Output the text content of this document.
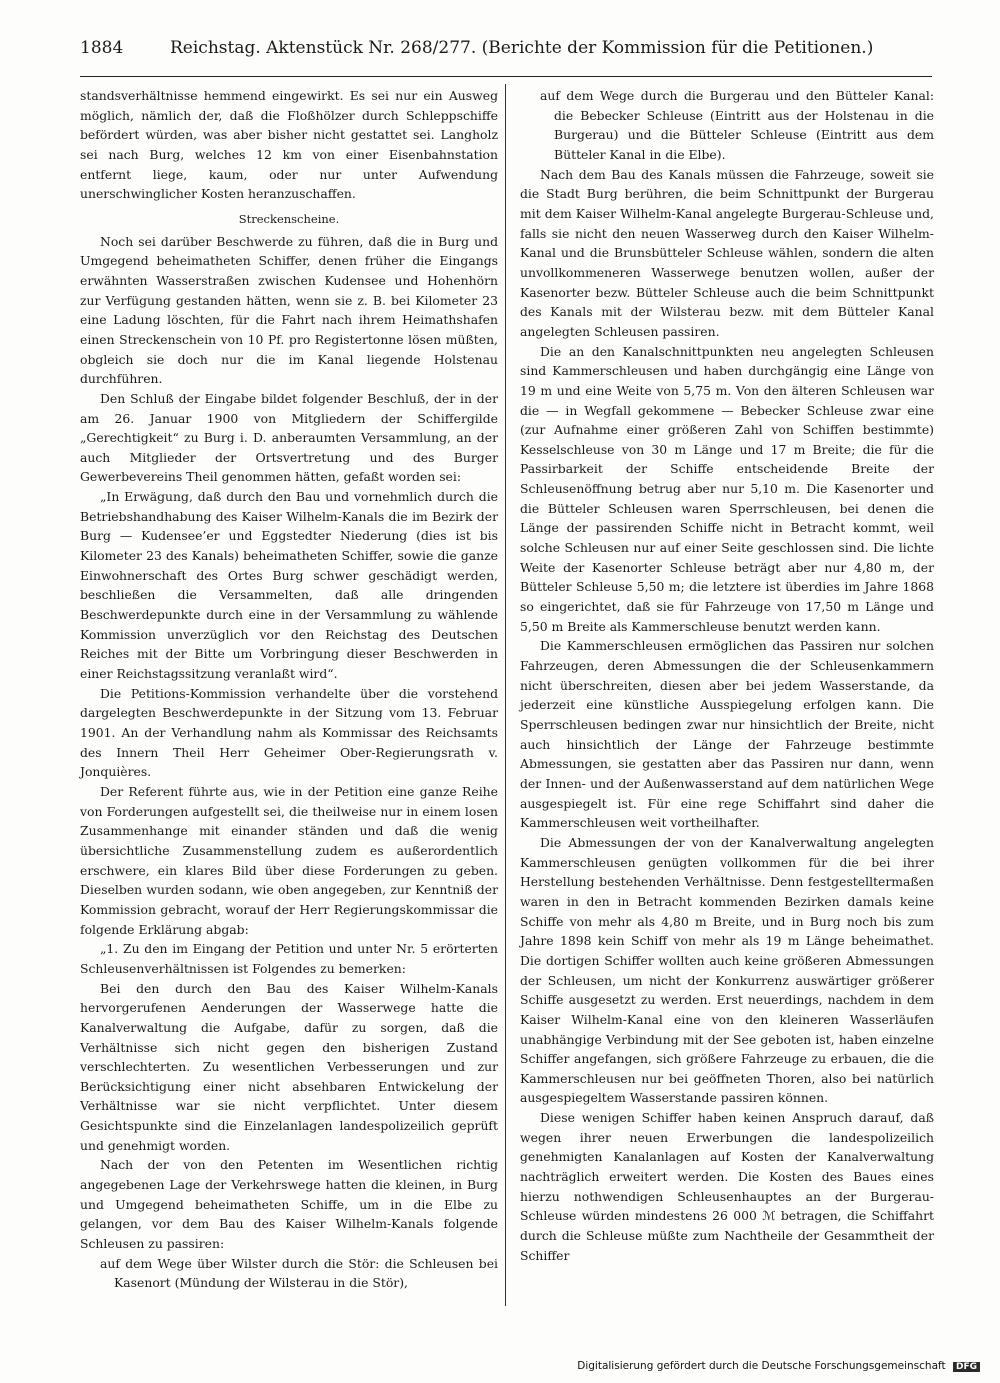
1884	Reichstag. Aktenstück Nr. 268/277. (Berichte der Kommission für die Petitionen.)

standsverhältnisse hemmend eingewirkt. Es sei nur ein Ausweg möglich, nämlich der, daß die Floßhölzer durch Schleppschiffe befördert würden, was aber bisher nicht gestattet sei. Langholz sei nach Burg, welches 12 km von einer Eisenbahnstation entfernt liege, kaum, oder nur unter Aufwendung unerschwinglicher Kosten heranzuschaffen.

Streckenscheine.

Noch sei darüber Beschwerde zu führen, daß die in Burg und Umgegend beheimatheten Schiffer, denen früher die Eingangs erwähnten Wasserstraßen zwischen Kudensee und Hohenhörn zur Verfügung gestanden hätten, wenn sie z. B. bei Kilometer 23 eine Ladung löschten, für die Fahrt nach ihrem Heimathshafen einen Streckenschein von 10 Pf. pro Registertonne lösen müßten, obgleich sie doch nur die im Kanal liegende Holstenau durchführen.

Den Schluß der Eingabe bildet folgender Beschluß, der in der am 26. Januar 1900 von Mitgliedern der Schiffergilde „Gerechtigkeit“ zu Burg i. D. anberaumten Versammlung, an der auch Mitglieder der Ortsvertretung und des Burger Gewerbevereins Theil genommen hätten, gefaßt worden sei:

„In Erwägung, daß durch den Bau und vornehmlich durch die Betriebshandhabung des Kaiser Wilhelm-Kanals die im Bezirk der Burg — Kudensee’er und Eggstedter Niederung (dies ist bis Kilometer 23 des Kanals) beheimatheten Schiffer, sowie die ganze Einwohnerschaft des Ortes Burg schwer geschädigt werden, beschließen die Versammelten, daß alle dringenden Beschwerdepunkte durch eine in der Versammlung zu wählende Kommission unverzüglich vor den Reichstag des Deutschen Reiches mit der Bitte um Vorbringung dieser Beschwerden in einer Reichstagssitzung veranlaßt wird“.

Die Petitions-Kommission verhandelte über die vorstehend dargelegten Beschwerdepunkte in der Sitzung vom 13. Februar 1901. An der Verhandlung nahm als Kommissar des Reichsamts des Innern Theil Herr Geheimer Ober-Regierungsrath v. Jonquières.

Der Referent führte aus, wie in der Petition eine ganze Reihe von Forderungen aufgestellt sei, die theilweise nur in einem losen Zusammenhange mit einander ständen und daß die wenig übersichtliche Zusammenstellung zudem es außerordentlich erschwere, ein klares Bild über diese Forderungen zu geben. Dieselben wurden sodann, wie oben angegeben, zur Kenntniß der Kommission gebracht, worauf der Herr Regierungskommissar die folgende Erklärung abgab:

„1. Zu den im Eingang der Petition und unter Nr. 5 erörterten Schleusenverhältnissen ist Folgendes zu bemerken:

Bei den durch den Bau des Kaiser Wilhelm-Kanals hervorgerufenen Aenderungen der Wasserwege hatte die Kanalverwaltung die Aufgabe, dafür zu sorgen, daß die Verhältnisse sich nicht gegen den bisherigen Zustand verschlechterten. Zu wesentlichen Verbesserungen und zur Berücksichtigung einer nicht absehbaren Entwickelung der Verhältnisse war sie nicht verpflichtet. Unter diesem Gesichtspunkte sind die Einzelanlagen landespolizeilich geprüft und genehmigt worden.

Nach der von den Petenten im Wesentlichen richtig angegebenen Lage der Verkehrswege hatten die kleinen, in Burg und Umgegend beheimatheten Schiffe, um in die Elbe zu gelangen, vor dem Bau des Kaiser Wilhelm-Kanals folgende Schleusen zu passiren:

auf dem Wege über Wilster durch die Stör: die Schleusen bei Kasenort (Mündung der Wilsterau in die Stör),

auf dem Wege durch die Burgerau und den Bütteler Kanal: die Bebecker Schleuse (Eintritt aus der Holstenau in die Burgerau) und die Bütteler Schleuse (Eintritt aus dem Bütteler Kanal in die Elbe).

Nach dem Bau des Kanals müssen die Fahrzeuge, soweit sie die Stadt Burg berühren, die beim Schnittpunkt der Burgerau mit dem Kaiser Wilhelm-Kanal angelegte Burgerau-Schleuse und, falls sie nicht den neuen Wasserweg durch den Kaiser Wilhelm-Kanal und die Brunsbütteler Schleuse wählen, sondern die alten unvollkommeneren Wasserwege benutzen wollen, außer der Kasenorter bezw. Bütteler Schleuse auch die beim Schnittpunkt des Kanals mit der Wilsterau bezw. mit dem Bütteler Kanal angelegten Schleusen passiren.

Die an den Kanalschnittpunkten neu angelegten Schleusen sind Kammerschleusen und haben durchgängig eine Länge von 19 m und eine Weite von 5,75 m. Von den älteren Schleusen war die — in Wegfall gekommene — Bebecker Schleuse zwar eine (zur Aufnahme einer größeren Zahl von Schiffen bestimmte) Kesselschleuse von 30 m Länge und 17 m Breite; die für die Passirbarkeit der Schiffe entscheidende Breite der Schleusenöffnung betrug aber nur 5,10 m. Die Kasenorter und die Bütteler Schleusen waren Sperrschleusen, bei denen die Länge der passirenden Schiffe nicht in Betracht kommt, weil solche Schleusen nur auf einer Seite geschlossen sind. Die lichte Weite der Kasenorter Schleuse beträgt aber nur 4,80 m, der Bütteler Schleuse 5,50 m; die letztere ist überdies im Jahre 1868 so eingerichtet, daß sie für Fahrzeuge von 17,50 m Länge und 5,50 m Breite als Kammerschleuse benutzt werden kann.

Die Kammerschleusen ermöglichen das Passiren nur solchen Fahrzeugen, deren Abmessungen die der Schleusenkammern nicht überschreiten, diesen aber bei jedem Wasserstande, da jederzeit eine künstliche Ausspiegelung erfolgen kann. Die Sperrschleusen bedingen zwar nur hinsichtlich der Breite, nicht auch hinsichtlich der Länge der Fahrzeuge bestimmte Abmessungen, sie gestatten aber das Passiren nur dann, wenn der Innen- und der Außenwasserstand auf dem natürlichen Wege ausgespiegelt ist. Für eine rege Schiffahrt sind daher die Kammerschleusen weit vortheilhafter.

Die Abmessungen der von der Kanalverwaltung angelegten Kammerschleusen genügten vollkommen für die bei ihrer Herstellung bestehenden Verhältnisse. Denn festgestelltermaßen waren in den in Betracht kommenden Bezirken damals keine Schiffe von mehr als 4,80 m Breite, und in Burg noch bis zum Jahre 1898 kein Schiff von mehr als 19 m Länge beheimathet. Die dortigen Schiffer wollten auch keine größeren Abmessungen der Schleusen, um nicht der Konkurrenz auswärtiger größerer Schiffe ausgesetzt zu werden. Erst neuerdings, nachdem in dem Kaiser Wilhelm-Kanal eine von den kleineren Wasserläufen unabhängige Verbindung mit der See geboten ist, haben einzelne Schiffer angefangen, sich größere Fahrzeuge zu erbauen, die die Kammerschleusen nur bei geöffneten Thoren, also bei natürlich ausgespiegeltem Wasserstande passiren können.

Diese wenigen Schiffer haben keinen Anspruch darauf, daß wegen ihrer neuen Erwerbungen die landespolizeilich genehmigten Kanalanlagen auf Kosten der Kanalverwaltung nachträglich erweitert werden. Die Kosten des Baues eines hierzu nothwendigen Schleusenhauptes an der Burgerau-Schleuse würden mindestens 26 000 ℳ betragen, die Schiffahrt durch die Schleuse müßte zum Nachtheile der Gesammtheit der Schiffer

Digitalisierung gefördert durch die Deutsche Forschungsgemeinschaft DFG
